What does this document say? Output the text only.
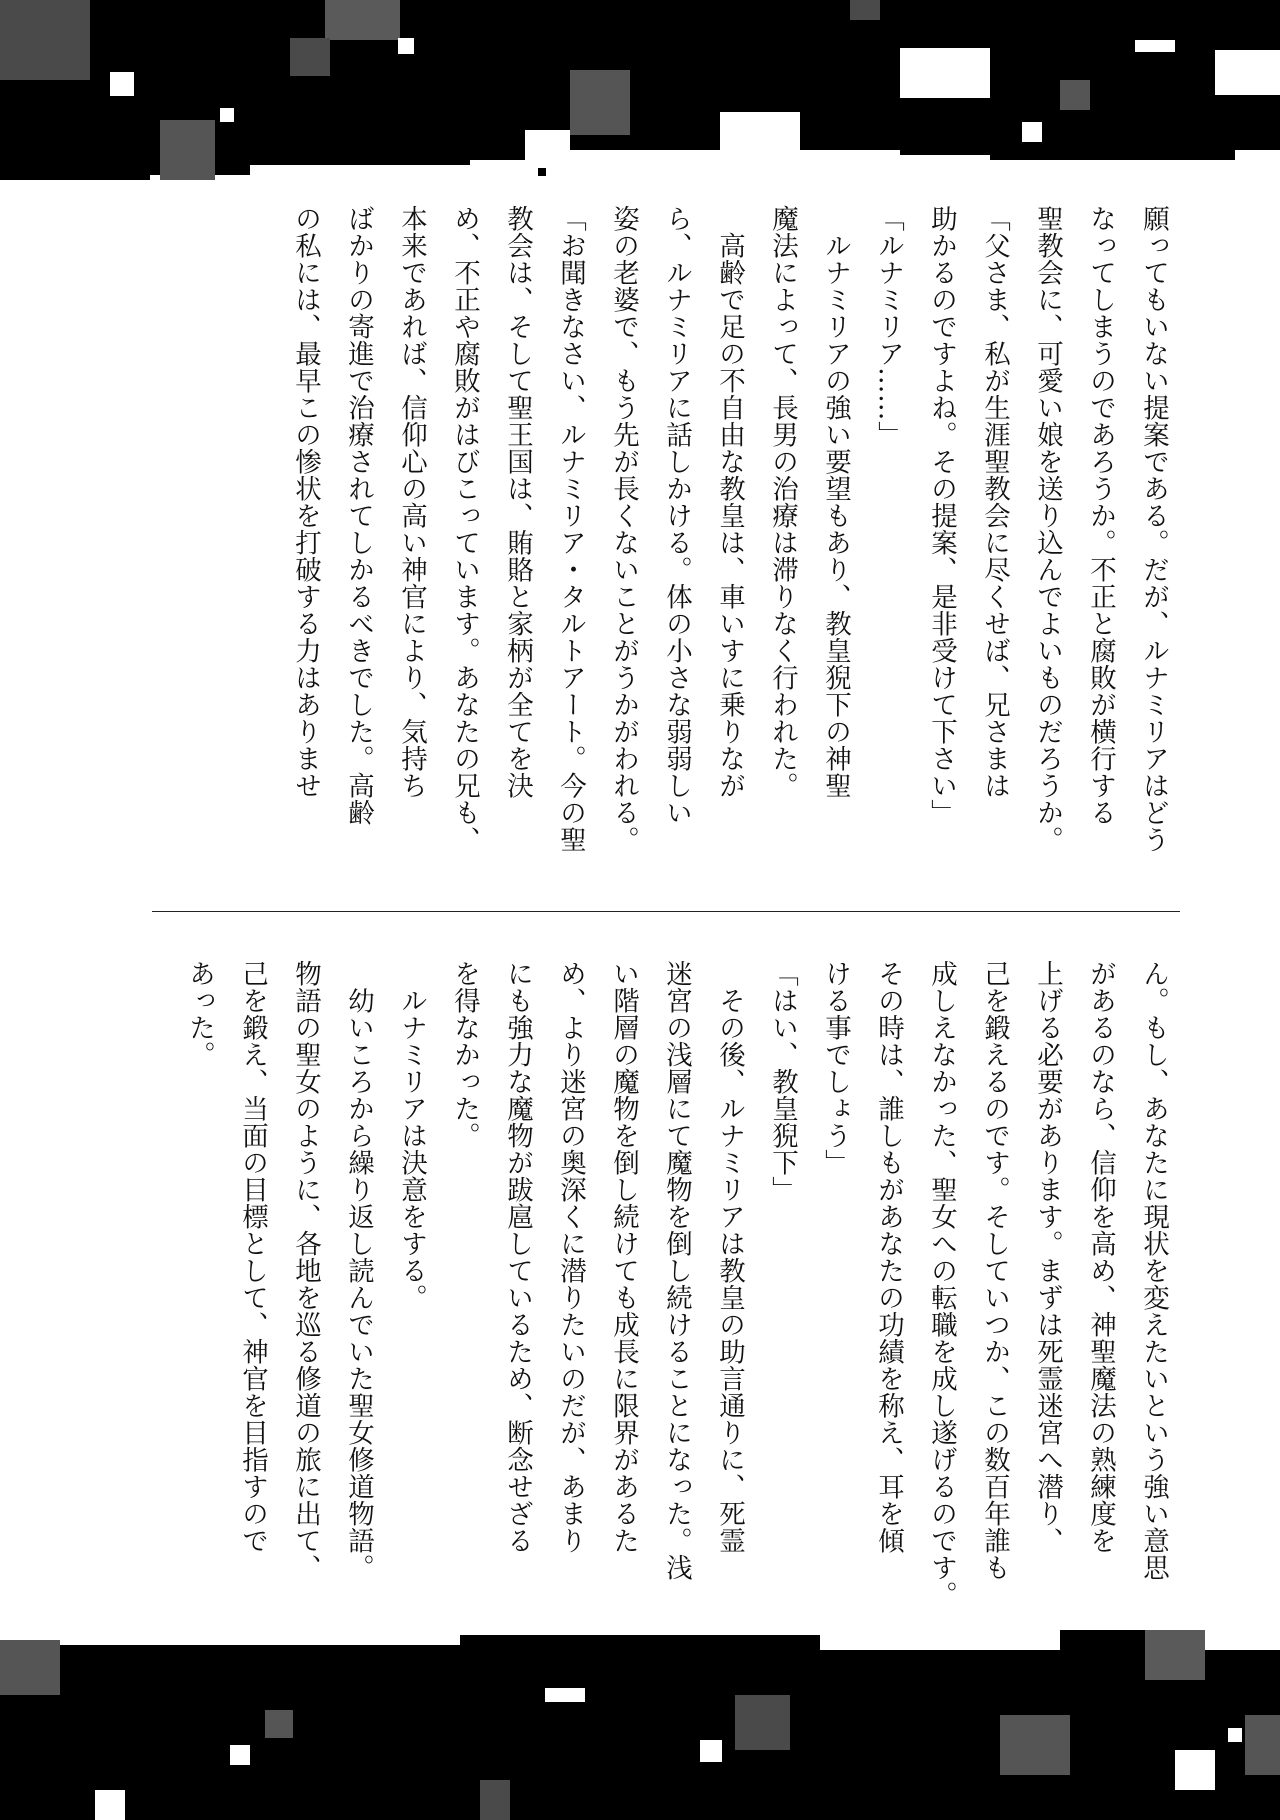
願ってもいない提案である。だが、ルナミリアはどう
なってしまうのであろうか。不正と腐敗が横行する
聖教会に、可愛い娘を送り込んでよいものだろうか。
「父さま、私が生涯聖教会に尽くせば、兄さまは
助かるのですよね。その提案、是非受けて下さい」
「ルナミリア……」
　ルナミリアの強い要望もあり、教皇猊下の神聖
魔法によって、長男の治療は滞りなく行われた。
　高齢で足の不自由な教皇は、車いすに乗りなが
ら、ルナミリアに話しかける。体の小さな弱弱しい
姿の老婆で、もう先が長くないことがうかがわれる。
「お聞きなさい、ルナミリア・タルトアート。今の聖
教会は、そして聖王国は、賄賂と家柄が全てを決
め、不正や腐敗がはびこっています。あなたの兄も、
本来であれば、信仰心の高い神官により、気持ち
ばかりの寄進で治療されてしかるべきでした。高齢
の私には、最早この惨状を打破する力はありませ
ん。もし、あなたに現状を変えたいという強い意思
があるのなら、信仰を高め、神聖魔法の熟練度を
上げる必要があります。まずは死霊迷宮へ潜り、
己を鍛えるのです。そしていつか、この数百年誰も
成しえなかった、聖女への転職を成し遂げるのです。
その時は、誰しもがあなたの功績を称え、耳を傾
ける事でしょう」
「はい、教皇猊下」
　その後、ルナミリアは教皇の助言通りに、死霊
迷宮の浅層にて魔物を倒し続けることになった。浅
い階層の魔物を倒し続けても成長に限界があるた
め、より迷宮の奥深くに潜りたいのだが、あまり
にも強力な魔物が跋扈しているため、断念せざる
を得なかった。
　ルナミリアは決意をする。
　幼いころから繰り返し読んでいた聖女修道物語。
物語の聖女のように、各地を巡る修道の旅に出て、
己を鍛え、当面の目標として、神官を目指すので
あった。
